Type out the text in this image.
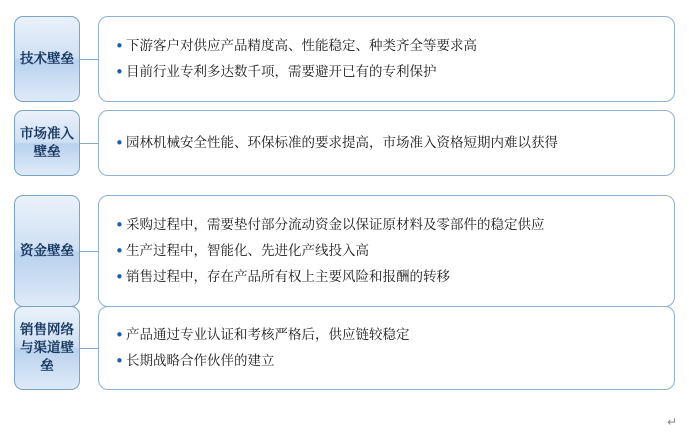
技术壁垒
• 下游客户对供应产品精度高、性能稳定、种类齐全等要求高
• 目前行业专利多达数千项，需要避开已有的专利保护
市场准入壁垒	• 园林机械安全性能、环保标准的要求提高，市场准入资格短期内难以获得
资金壁垒
• 采购过程中，需要垫付部分流动资金以保证原材料及零部件的稳定供应
• 生产过程中，智能化、先进化产线投入高
• 销售过程中，存在产品所有权上主要风险和报酬的转移
销售网络与渠道壁垒
• 产品通过专业认证和考核严格后，供应链较稳定
• 长期战略合作伙伴的建立
↵
